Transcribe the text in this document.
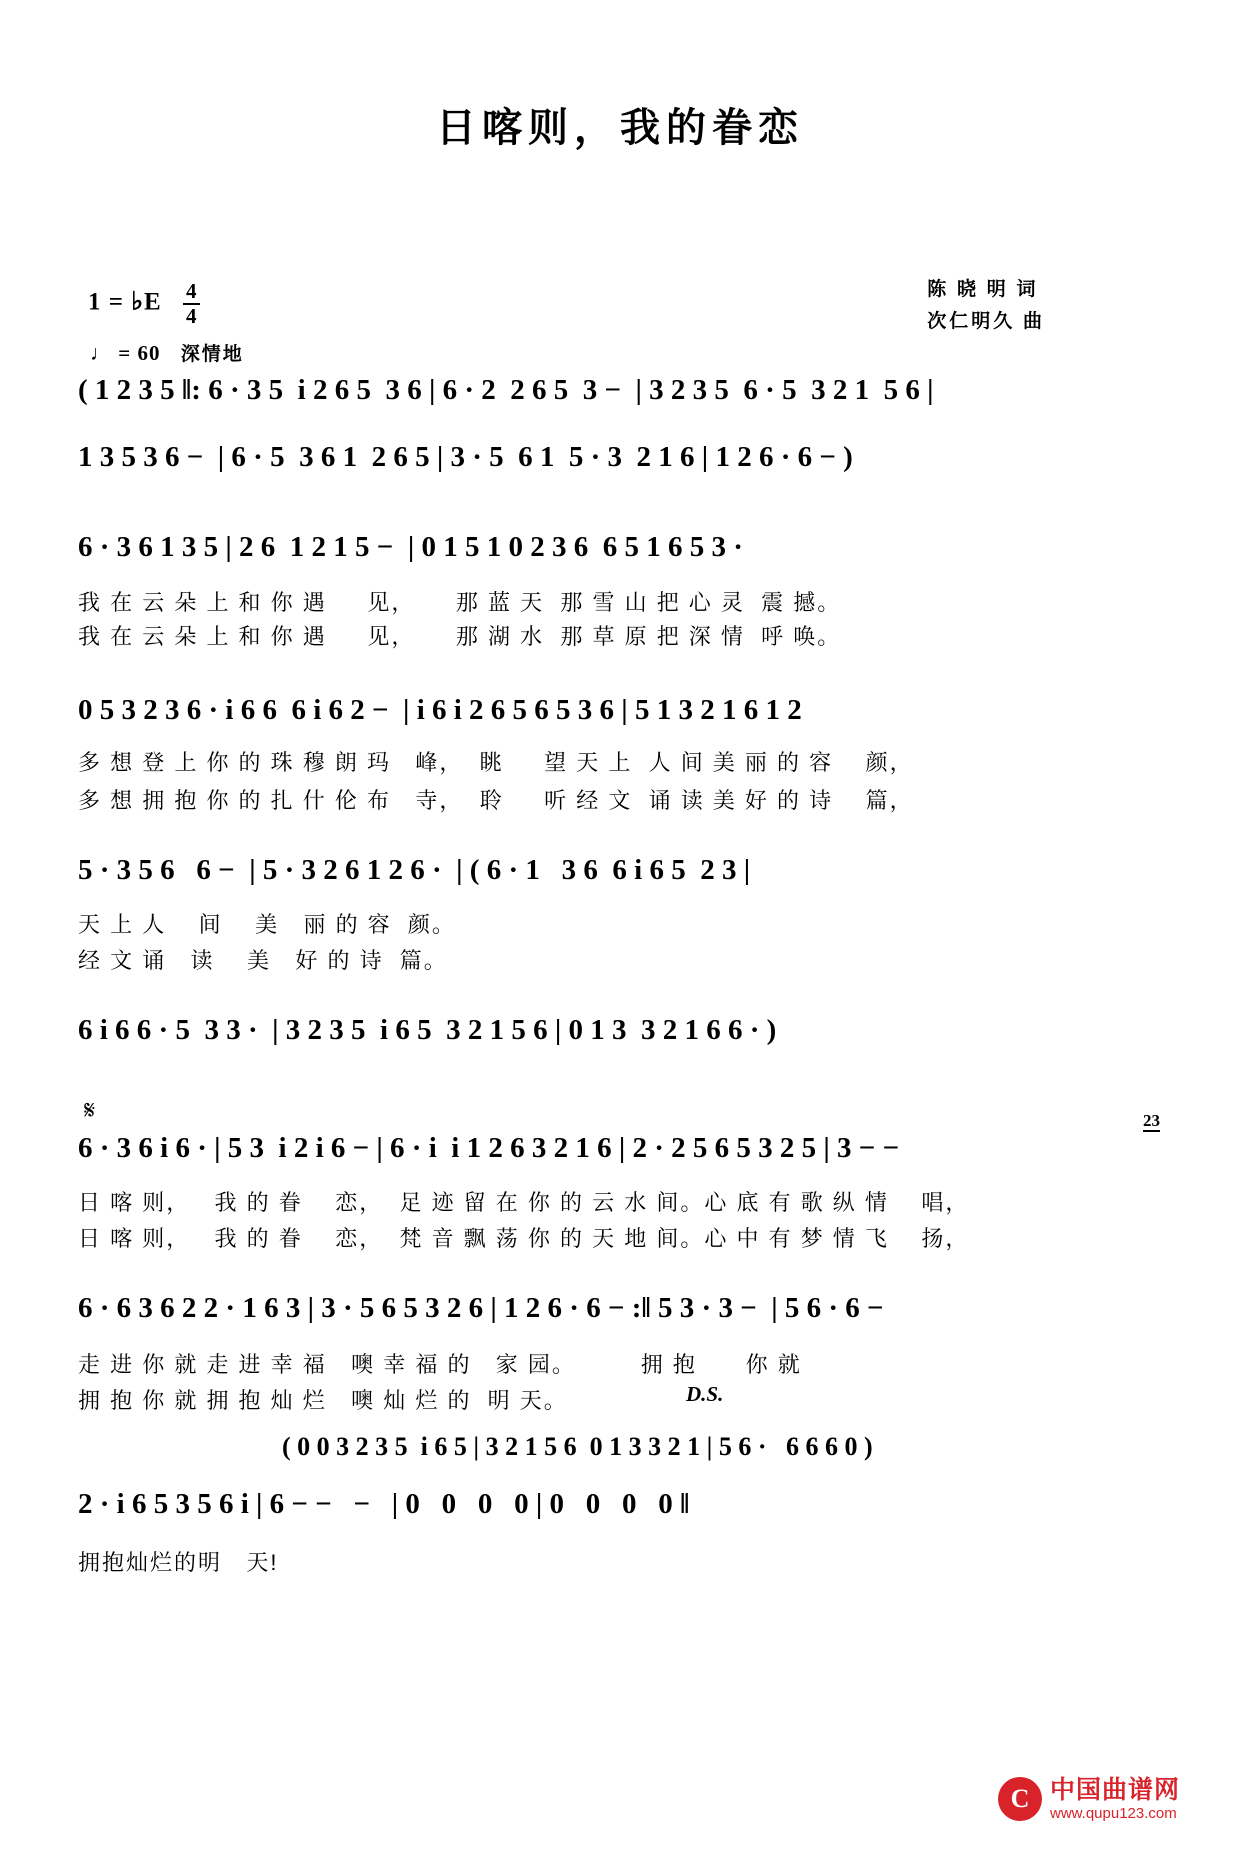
日喀则，我的眷恋
陈 晓 明 词
次仁明久 曲
1 = ♭E $\frac{4}{4}$
♩ = 60 深情地
( 1 2 3 5 ‖: 6 · 3 5  i 2 6 5  3 6 | 6 · 2  2 6 5  3 −  | 3 2 3 5  6 · 5  3 2 1  5 6 |
1 3 5 3 6 −  | 6 · 5  3 6 1  2 6 5 | 3 · 5  6 1  5 · 3  2 1 6 | 1 2 6 · 6 − )
6 · 3 6 1 3 5 | 2 6  1 2 1 5 −  | 0 1 5 1 0 2 3 6  6 5 1 6 5 3 ·
我 在 云 朵 上 和 你 遇     见，     那 蓝 天  那 雪 山 把 心 灵  震 撼。
我 在 云 朵 上 和 你 遇     见，     那 湖 水  那 草 原 把 深 情  呼 唤。
0 5 3 2 3 6 · i 6 6  6 i 6 2 −  | i 6 i 2 6 5 6 5 3 6 | 5 1 3 2 1 6 1 2
多 想 登 上 你 的 珠 穆 朗 玛   峰，  眺     望 天 上  人 间 美 丽 的 容    颜，
多 想 拥 抱 你 的 扎 什 伦 布   寺，  聆     听 经 文  诵 读 美 好 的 诗    篇，
5 · 3 5 6   6 −  | 5 · 3 2 6 1 2 6 ·  | ( 6 · 1   3 6  6 i 6 5  2 3 |
天 上 人    间    美   丽 的 容  颜。
经 文 诵   读    美   好 的 诗  篇。
6 i 6 6 · 5  3 3 ·  | 3 2 3 5  i 6 5  3 2 1 5 6 | 0 1 3  3 2 1 6 6 · )
𝄋	23

6 · 3 6 i 6 · | 5 3  i 2 i 6 − | 6 · i  i 1 2 6 3 2 1 6 | 2 · 2 5 6 5 3 2 5 | 3 − −
日 喀 则，   我 的 眷    恋，  足 迹 留 在 你 的 云 水 间。心 底 有 歌 纵 情    唱，
日 喀 则，   我 的 眷    恋，  梵 音 飘 荡 你 的 天 地 间。心 中 有 梦 情 飞    扬，
6 · 6 3 6 2 2 · 1 6 3 | 3 · 5 6 5 3 2 6 | 1 2 6 · 6 − :‖ 5 3 · 3 −  | 5 6 · 6 −
走 进 你 就 走 进 幸 福   噢 幸 福 的   家 园。        拥 抱      你 就
拥 抱 你 就 拥 抱 灿 烂   噢 灿 烂 的  明 天。	D.S.
( 0 0 3 2 3 5  i 6 5 | 3 2 1 5 6  0 1 3 3 2 1 | 5 6 ·   6 6 6 0 )
2 · i 6 5 3 5 6 i | 6 − −   −   | 0   0   0   0 | 0   0   0   0 ‖
拥抱灿烂的明   天!
C 中国曲谱网
www.qupu123.com
